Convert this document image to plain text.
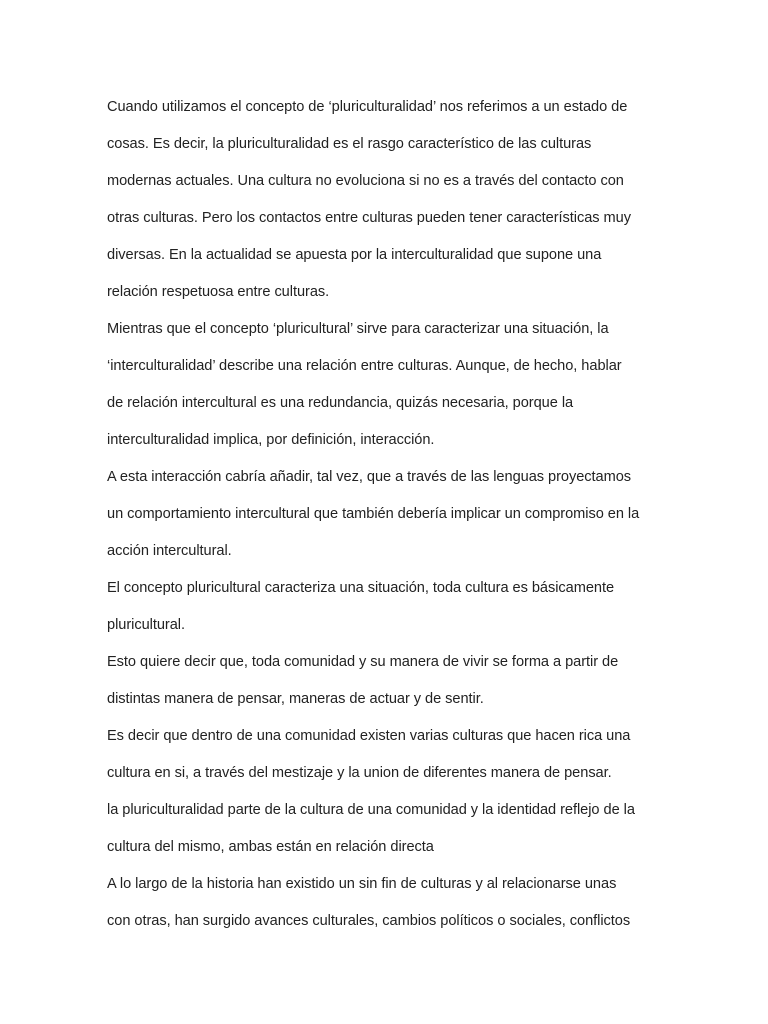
Cuando utilizamos el concepto de ‘pluriculturalidad’ nos referimos a un estado de
cosas. Es decir, la pluriculturalidad es el rasgo característico de las culturas
modernas actuales. Una cultura no evoluciona si no es a través del contacto con
otras culturas. Pero los contactos entre culturas pueden tener características muy
diversas. En la actualidad se apuesta por la interculturalidad que supone una
relación respetuosa entre culturas.
Mientras que el concepto ‘pluricultural’ sirve para caracterizar una situación, la
‘interculturalidad’ describe una relación entre culturas. Aunque, de hecho, hablar
de relación intercultural es una redundancia, quizás necesaria, porque la
interculturalidad implica, por definición, interacción.
A esta interacción cabría añadir, tal vez, que a través de las lenguas proyectamos
un comportamiento intercultural que también debería implicar un compromiso en la
acción intercultural.
El concepto pluricultural caracteriza una situación, toda cultura es básicamente
pluricultural.
Esto quiere decir que, toda comunidad y su manera de vivir se forma a partir de
distintas manera de pensar, maneras de actuar y de sentir.
Es decir que dentro de una comunidad existen varias culturas que hacen rica una
cultura en si, a través del mestizaje y la union de diferentes manera de pensar.
la pluriculturalidad parte de la cultura de una comunidad y la identidad reflejo de la
cultura del mismo, ambas están en relación directa
A lo largo de la historia han existido un sin fin de culturas y al relacionarse unas
con otras, han surgido avances culturales, cambios políticos o sociales, conflictos
